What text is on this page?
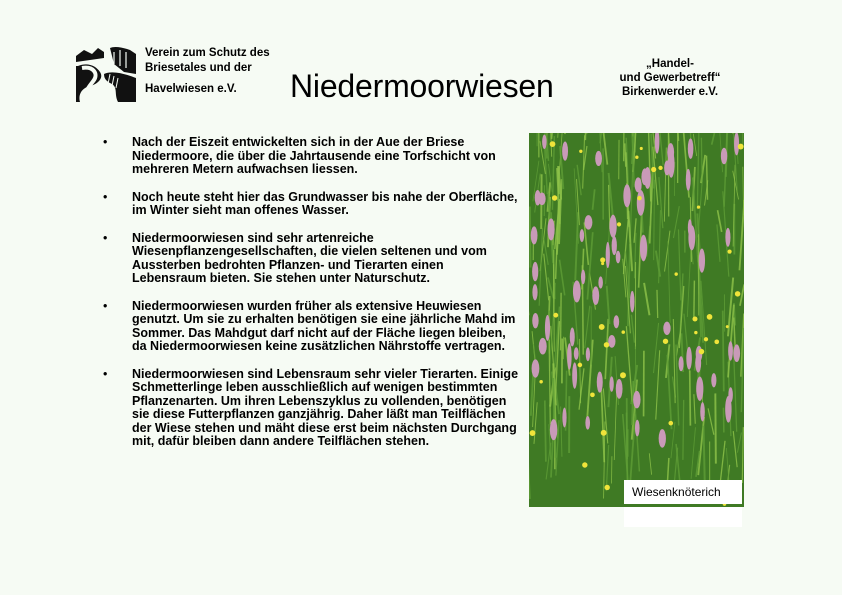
Verein zum Schutz des
Briesetales und der
Havelwiesen e.V.	Niedermoorwiesen
„Handel-
und Gewerbetreff“
Birkenwerder e.V.
• Nach der Eiszeit entwickelten sich in der Aue der Briese Niedermoore, die über die Jahrtausende eine Torfschicht von mehreren Metern aufwachsen liessen.
• Noch heute steht hier das Grundwasser bis nahe der Oberfläche, im Winter sieht man offenes Wasser.
• Niedermoorwiesen sind sehr artenreiche Wiesenpflanzengesellschaften, die vielen seltenen und vom Aussterben bedrohten Pflanzen- und Tierarten einen Lebensraum bieten. Sie stehen unter Naturschutz.
• Niedermoorwiesen wurden früher als extensive Heuwiesen genutzt. Um sie zu erhalten benötigen sie eine jährliche Mahd im Sommer. Das Mahdgut darf nicht auf der Fläche liegen bleiben, da Niedermoorwiesen keine zusätzlichen Nährstoffe vertragen.
• Niedermoorwiesen sind Lebensraum sehr vieler Tierarten. Einige Schmetterlinge leben ausschließlich auf wenigen bestimmten Pflanzenarten. Um ihren Lebenszyklus zu vollenden, benötigen sie diese Futterpflanzen ganzjährig. Daher läßt man Teilflächen der Wiese stehen und mäht diese erst beim nächsten Durchgang mit, dafür bleiben dann andere Teilflächen stehen.
Wiesenknöterich
